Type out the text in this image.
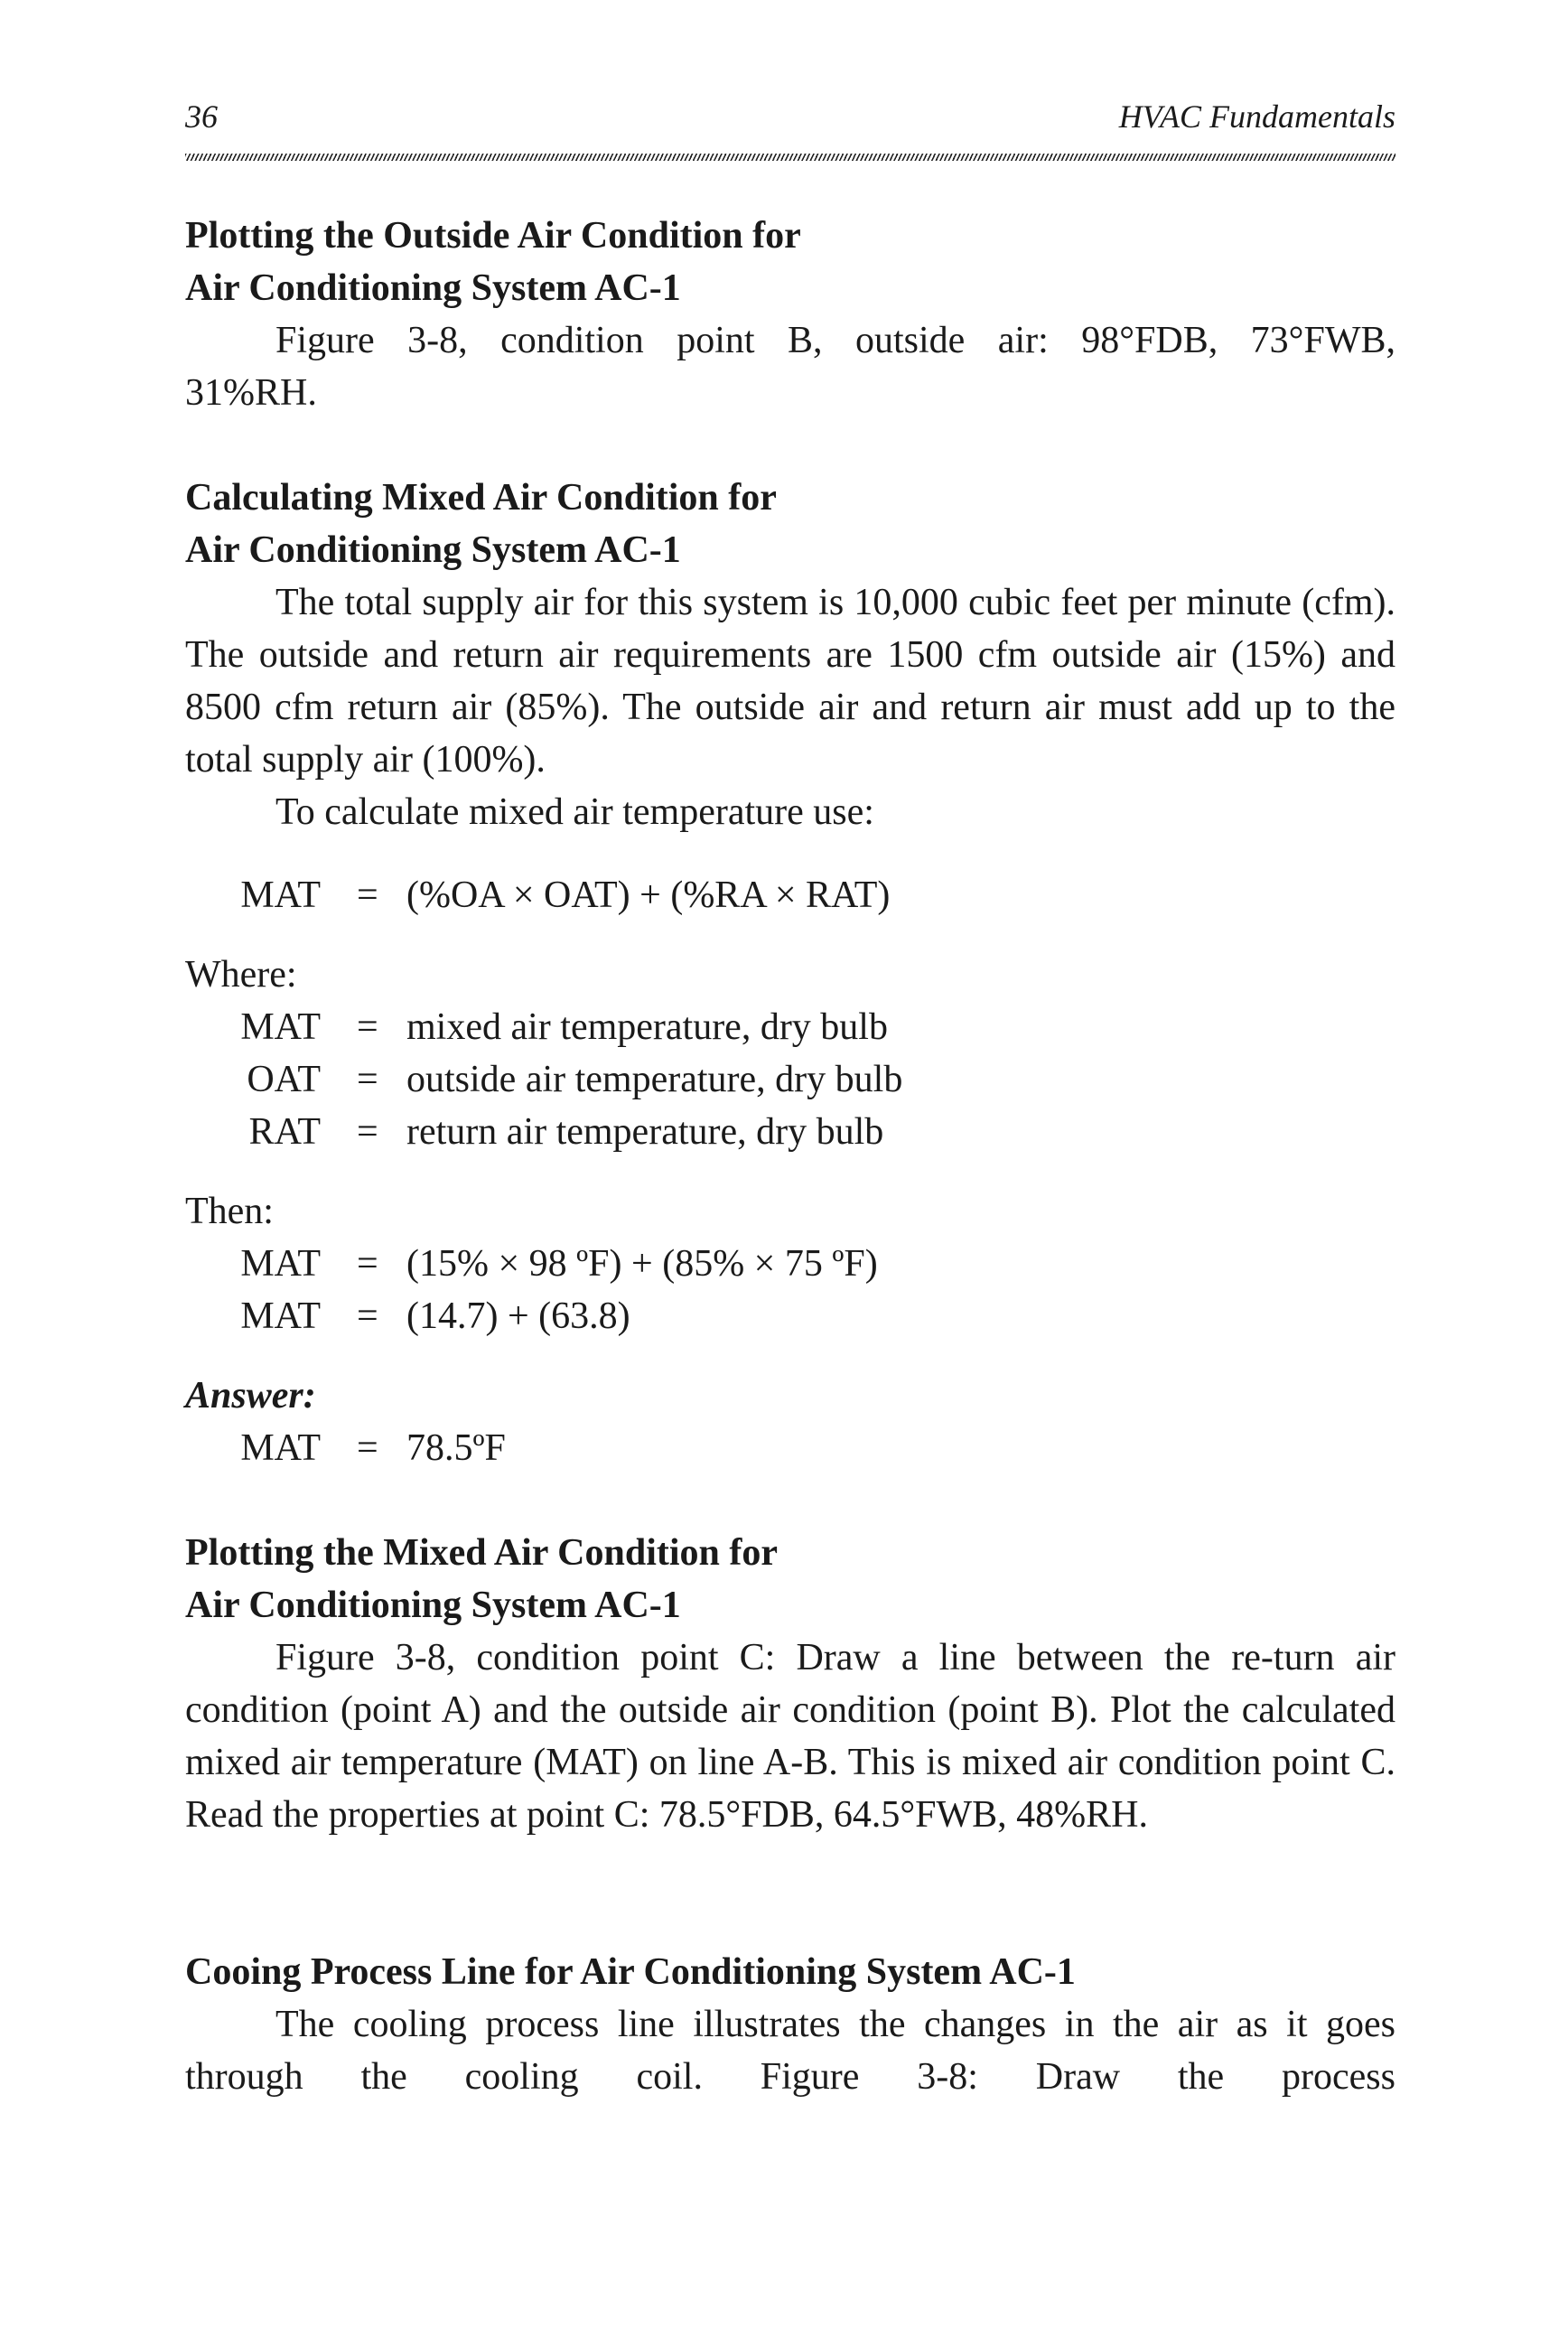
36	HVAC Fundamentals
Plotting the Outside Air Condition for
Air Conditioning System AC-1

Figure 3-8, condition point B, outside air: 98°FDB, 73°FWB,

31%RH.
Calculating Mixed Air Condition for
Air Conditioning System AC-1

The total supply air for this system is 10,000 cubic feet per minute (cfm). The outside and return air requirements are 1500 cfm outside air (15%) and 8500 cfm return air (85%). The outside air and return air must add up to the total supply air (100%).

To calculate mixed air temperature use:
MAT = (%OA × OAT) + (%RA × RAT)
Where:
MAT = mixed air temperature, dry bulb
OAT = outside air temperature, dry bulb
RAT = return air temperature, dry bulb
Then:
MAT = (15% × 98 ºF) + (85% × 75 ºF)
MAT = (14.7) + (63.8)
Answer:
MAT = 78.5ºF
Plotting the Mixed Air Condition for
Air Conditioning System AC-1

Figure 3-8, condition point C: Draw a line between the re-turn air condition (point A) and the outside air condition (point B). Plot the calculated mixed air temperature (MAT) on line A-B. This is mixed air condition point C. Read the properties at point C: 78.5°FDB, 64.5°FWB, 48%RH.

Cooing Process Line for Air Conditioning System AC-1

The cooling process line illustrates the changes in the air as it goes through the cooling coil. Figure 3-8: Draw the process
